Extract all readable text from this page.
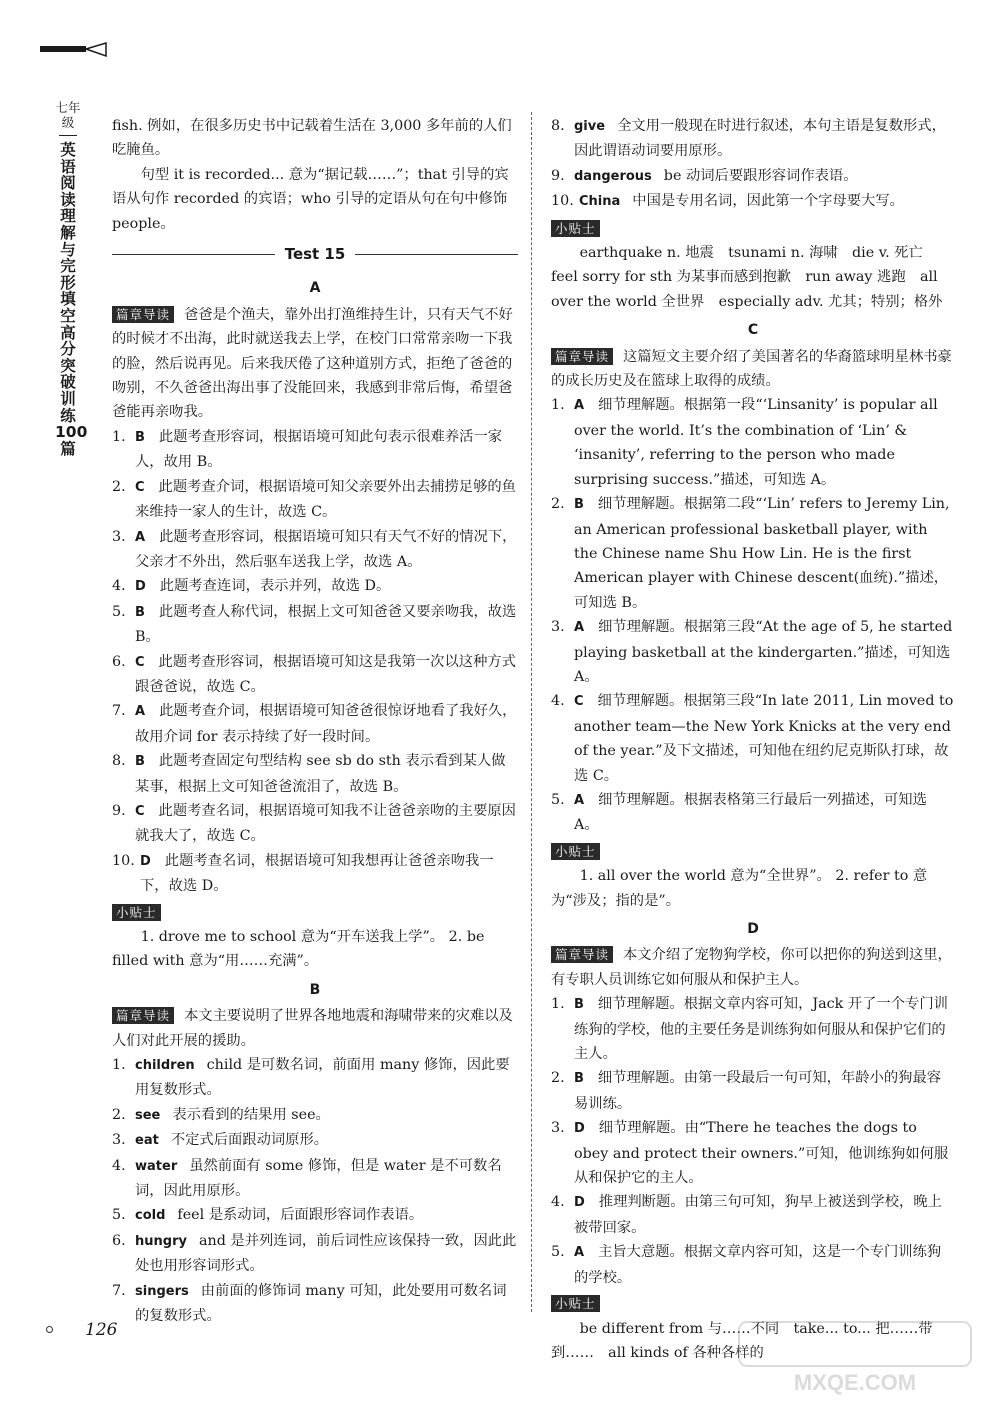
七年级
英语阅读理解与完形填空高分突破训练100篇

fish. 例如，在很多历史书中记载着生活在 3,000 多年前的人们吃腌鱼。

句型 it is recorded... 意为“据记载……”；that 引导的宾语从句作 recorded 的宾语；who 引导的定语从句在句中修饰 people。

Test 15
A

篇章导读 爸爸是个渔夫，靠外出打渔维持生计，只有天气不好的时候才不出海，此时就送我去上学，在校门口常常亲吻一下我的脸，然后说再见。后来我厌倦了这种道别方式，拒绝了爸爸的吻别，不久爸爸出海出事了没能回来，我感到非常后悔，希望爸爸能再亲吻我。

1. B 此题考查形容词，根据语境可知此句表示很难养活一家人，故用 B。
2. C 此题考查介词，根据语境可知父亲要外出去捕捞足够的鱼来维持一家人的生计，故选 C。
3. A 此题考查形容词，根据语境可知只有天气不好的情况下，父亲才不外出，然后驱车送我上学，故选 A。
4. D 此题考查连词，表示并列，故选 D。
5. B 此题考查人称代词，根据上文可知爸爸又要亲吻我，故选 B。
6. C 此题考查形容词，根据语境可知这是我第一次以这种方式跟爸爸说，故选 C。
7. A 此题考查介词，根据语境可知爸爸很惊讶地看了我好久，故用介词 for 表示持续了好一段时间。
8. B 此题考查固定句型结构 see sb do sth 表示看到某人做某事，根据上文可知爸爸流泪了，故选 B。
9. C 此题考查名词，根据语境可知我不让爸爸亲吻的主要原因就我大了，故选 C。
10. D 此题考查名词，根据语境可知我想再让爸爸亲吻我一下，故选 D。

小贴士

1. drove me to school 意为“开车送我上学”。 2. be filled with 意为“用……充满”。

B

篇章导读 本文主要说明了世界各地地震和海啸带来的灾难以及人们对此开展的援助。

1. children child 是可数名词，前面用 many 修饰，因此要用复数形式。
2. see 表示看到的结果用 see。
3. eat 不定式后面跟动词原形。
4. water 虽然前面有 some 修饰，但是 water 是不可数名词，因此用原形。
5. cold feel 是系动词，后面跟形容词作表语。
6. hungry and 是并列连词，前后词性应该保持一致，因此此处也用形容词形式。
7. singers 由前面的修饰词 many 可知，此处要用可数名词的复数形式。
8. give 全文用一般现在时进行叙述，本句主语是复数形式，因此谓语动词要用原形。
9. dangerous be 动词后要跟形容词作表语。
10. China 中国是专用名词，因此第一个字母要大写。

小贴士

earthquake n. 地震　tsunami n. 海啸　die v. 死亡　feel sorry for sth 为某事而感到抱歉　run away 逃跑　all over the world 全世界　especially adv. 尤其；特别；格外

C

篇章导读 这篇短文主要介绍了美国著名的华裔篮球明星林书豪的成长历史及在篮球上取得的成绩。

1. A 细节理解题。根据第一段“‘Linsanity’ is popular all over the world. It’s the combination of ‘Lin’ & ‘insanity’, referring to the person who made surprising success.”描述，可知选 A。
2. B 细节理解题。根据第二段“‘Lin’ refers to Jeremy Lin, an American professional basketball player, with the Chinese name Shu How Lin. He is the first American player with Chinese descent(血统).”描述，可知选 B。
3. A 细节理解题。根据第三段“At the age of 5, he started playing basketball at the kindergarten.”描述，可知选 A。
4. C 细节理解题。根据第三段“In late 2011, Lin moved to another team—the New York Knicks at the very end of the year.”及下文描述，可知他在纽约尼克斯队打球，故选 C。
5. A 细节理解题。根据表格第三行最后一列描述，可知选 A。

小贴士

1. all over the world 意为“全世界”。 2. refer to 意为“涉及；指的是”。

D

篇章导读 本文介绍了宠物狗学校，你可以把你的狗送到这里，有专职人员训练它如何服从和保护主人。

1. B 细节理解题。根据文章内容可知，Jack 开了一个专门训练狗的学校，他的主要任务是训练狗如何服从和保护它们的主人。
2. B 细节理解题。由第一段最后一句可知，年龄小的狗最容易训练。
3. D 细节理解题。由“There he teaches the dogs to obey and protect their owners.”可知，他训练狗如何服从和保护它的主人。
4. D 推理判断题。由第三句可知，狗早上被送到学校，晚上被带回家。
5. A 主旨大意题。根据文章内容可知，这是一个专门训练狗的学校。

小贴士

be different from 与……不同　take... to... 把……带到……　all kinds of 各种各样的

126
MXQE.COM
